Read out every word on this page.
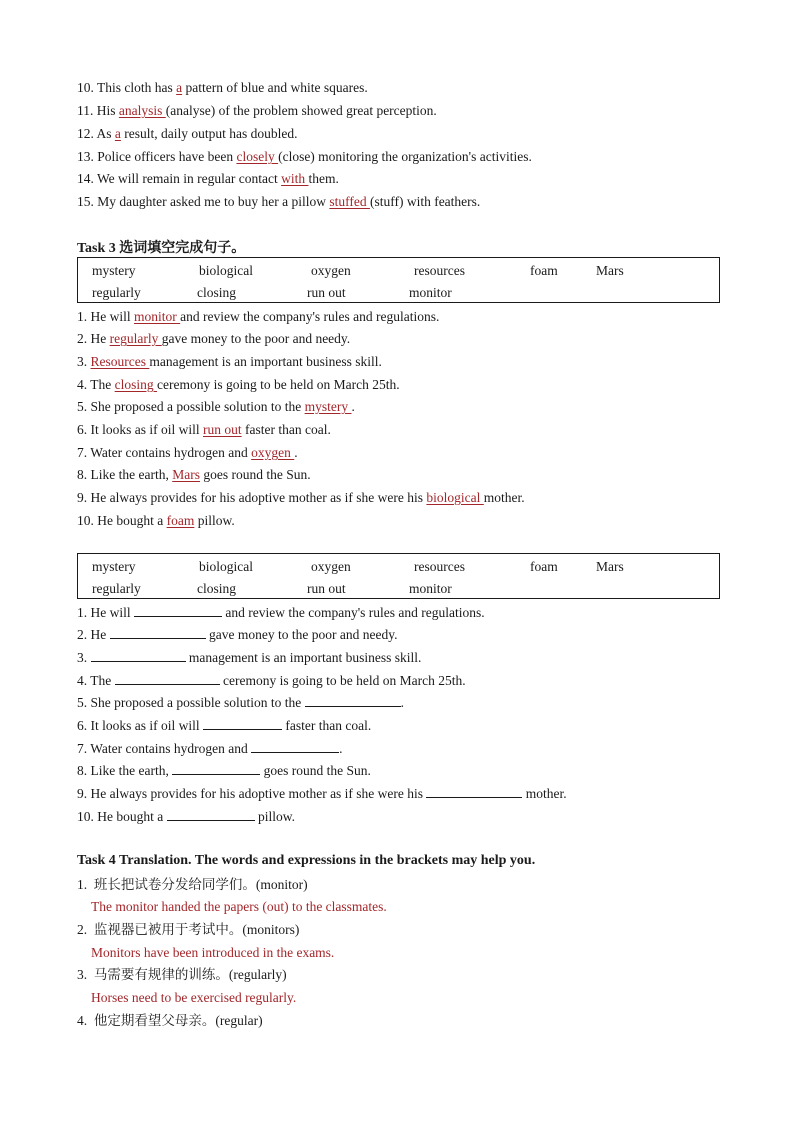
10. This cloth has a pattern of blue and white squares.
11. His analysis (analyse) of the problem showed great perception.
12. As a result, daily output has doubled.
13. Police officers have been closely (close) monitoring the organization's activities.
14. We will remain in regular contact with them.
15. My daughter asked me to buy her a pillow stuffed (stuff) with feathers.
Task 3 选词填空完成句子。
mystery	biological	oxygen	resources	foam	Mars
regularly	closing	run out	monitor
1. He will monitor and review the company's rules and regulations.
2. He regularly gave money to the poor and needy.
3. Resources management is an important business skill.
4. The closing ceremony is going to be held on March 25th.
5. She proposed a possible solution to the mystery .
6. It looks as if oil will run out faster than coal.
7. Water contains hydrogen and oxygen .
8. Like the earth, Mars goes round the Sun.
9. He always provides for his adoptive mother as if she were his biological mother.
10. He bought a foam pillow.
mystery	biological	oxygen	resources	foam	Mars
regularly	closing	run out	monitor
1. He will	and review the company's rules and regulations.
2. He	gave money to the poor and needy.
3.	management is an important business skill.
4. The	ceremony is going to be held on March 25th.
5. She proposed a possible solution to the	.
6. It looks as if oil will	faster than coal.
7. Water contains hydrogen and	.
8. Like the earth,	goes round the Sun.
9. He always provides for his adoptive mother as if she were his	mother.
10. He bought a	pillow.
Task 4 Translation. The words and expressions in the brackets may help you.
1. 班长把试卷分发给同学们。(monitor)
The monitor handed the papers (out) to the classmates.
2. 监视器已被用于考试中。(monitors)
Monitors have been introduced in the exams.
3. 马需要有规律的训练。(regularly)
Horses need to be exercised regularly.
4. 他定期看望父母亲。(regular)
